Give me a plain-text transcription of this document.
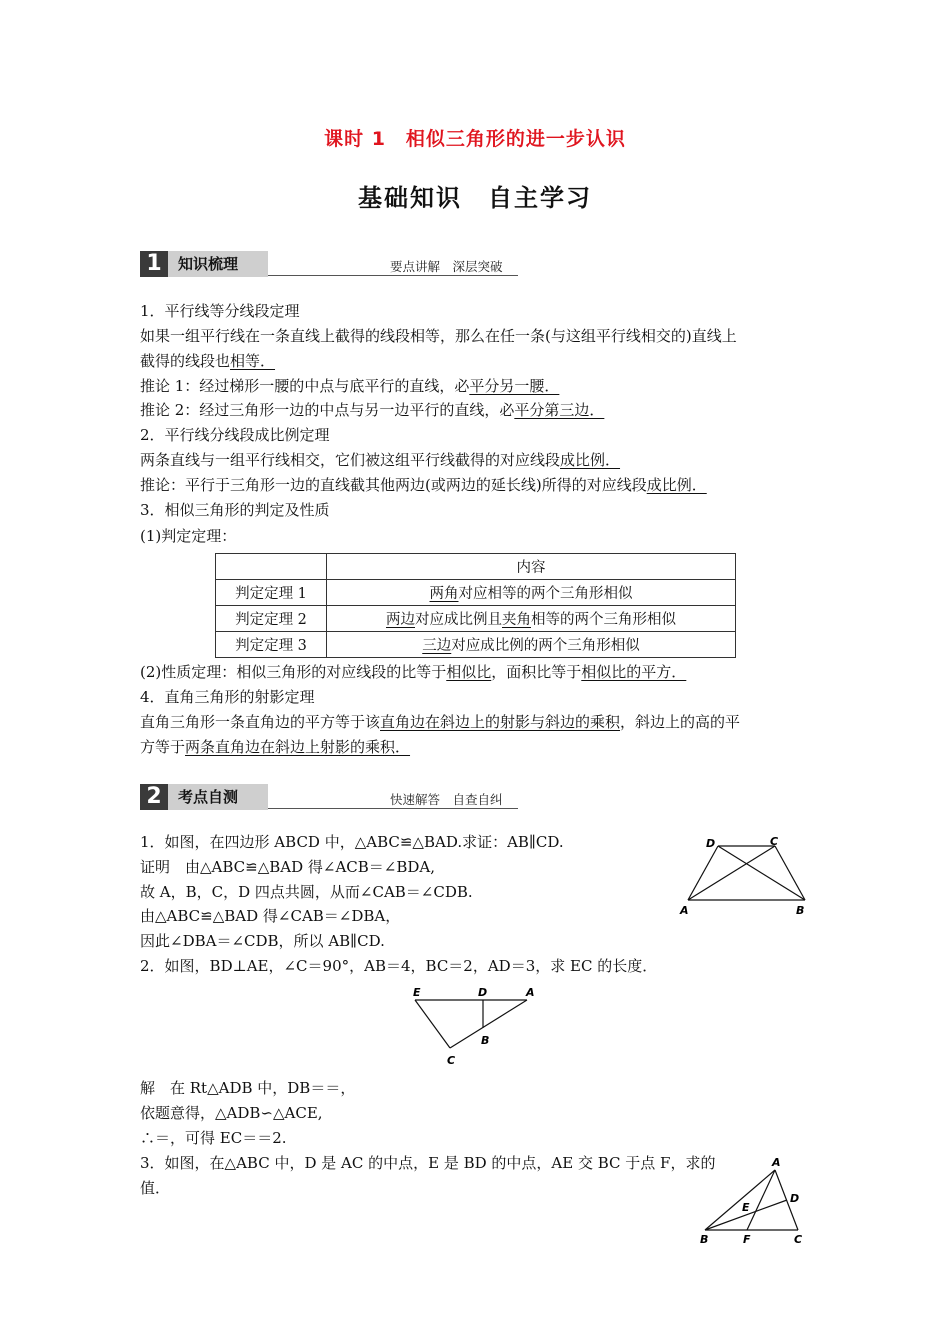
课时 1　相似三角形的进一步认识
基础知识　自主学习
1	知识梳理	要点讲解　深层突破
1．平行线等分线段定理
如果一组平行线在一条直线上截得的线段相等，那么在任一条(与这组平行线相交的)直线上
截得的线段也相等．
推论 1：经过梯形一腰的中点与底平行的直线，必平分另一腰．
推论 2：经过三角形一边的中点与另一边平行的直线，必平分第三边．
2．平行线分线段成比例定理
两条直线与一组平行线相交，它们被这组平行线截得的对应线段成比例．
推论：平行于三角形一边的直线截其他两边(或两边的延长线)所得的对应线段成比例．
3．相似三角形的判定及性质
(1)判定定理：
	内容
判定定理 1	两角对应相等的两个三角形相似
判定定理 2	两边对应成比例且夹角相等的两个三角形相似
判定定理 3	三边对应成比例的两个三角形相似
(2)性质定理：相似三角形的对应线段的比等于相似比，面积比等于相似比的平方．
4．直角三角形的射影定理
直角三角形一条直角边的平方等于该直角边在斜边上的射影与斜边的乘积，斜边上的高的平
方等于两条直角边在斜边上射影的乘积．
2	考点自测	快速解答　自查自纠
1．如图，在四边形 ABCD 中，△ABC≌△BAD.求证：AB∥CD.
证明　由△ABC≌△BAD 得∠ACB＝∠BDA,
故 A，B，C，D 四点共圆，从而∠CAB＝∠CDB.
由△ABC≌△BAD 得∠CAB＝∠DBA，
因此∠DBA＝∠CDB，所以 AB∥CD.
2．如图，BD⊥AE，∠C＝90°，AB＝4，BC＝2，AD＝3，求 EC 的长度．
解　在 Rt△ADB 中，DB＝＝，
依题意得，△ADB∽△ACE,
∴＝，可得 EC＝＝2.
3．如图，在△ABC 中，D 是 AC 的中点，E 是 BD 的中点，AE 交 BC 于点 F，求的
值．
D	C
A	B
E	D	A
B
C
A
D
E
B	F	C
